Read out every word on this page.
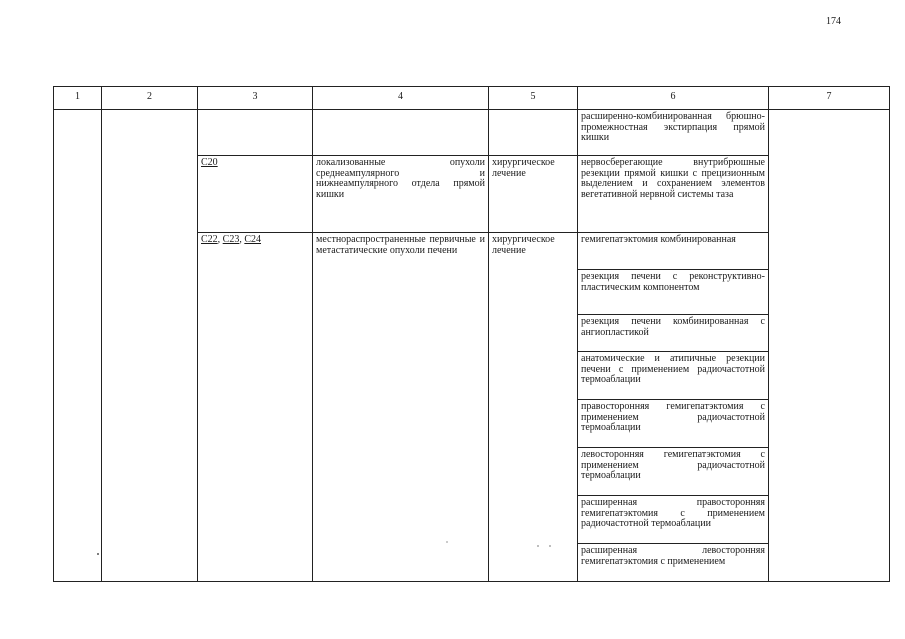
174
1	2	3	4	5	6	7
					расширенно-комбинированная брюшно-промежностная экстирпация прямой кишки	
		С20	локализованные опухоли среднеампулярного и нижнеампулярного отдела прямой кишки	хирургическое лечение	нервосберегающие внутрибрюшные резекции прямой кишки с прецизионным выделением и сохранением элементов вегетативной нервной системы таза	
		С22, С23, С24	местнораспространенные первичные и метастатические опухоли печени	хирургическое лечение	гемигепатэктомия комбинированная	
					резекция печени с реконструктивно-пластическим компонентом	
					резекция печени комбинированная с ангиопластикой	
					анатомические и атипичные резекции печени с применением радиочастотной термоаблации	
					правосторонняя гемигепатэктомия с применением радиочастотной термоаблации	
					левосторонняя гемигепатэктомия с применением радиочастотной термоаблации	
					расширенная правосторонняя гемигепатэктомия с применением радиочастотной термоаблации	
					расширенная левосторонняя гемигепатэктомия с применением	
